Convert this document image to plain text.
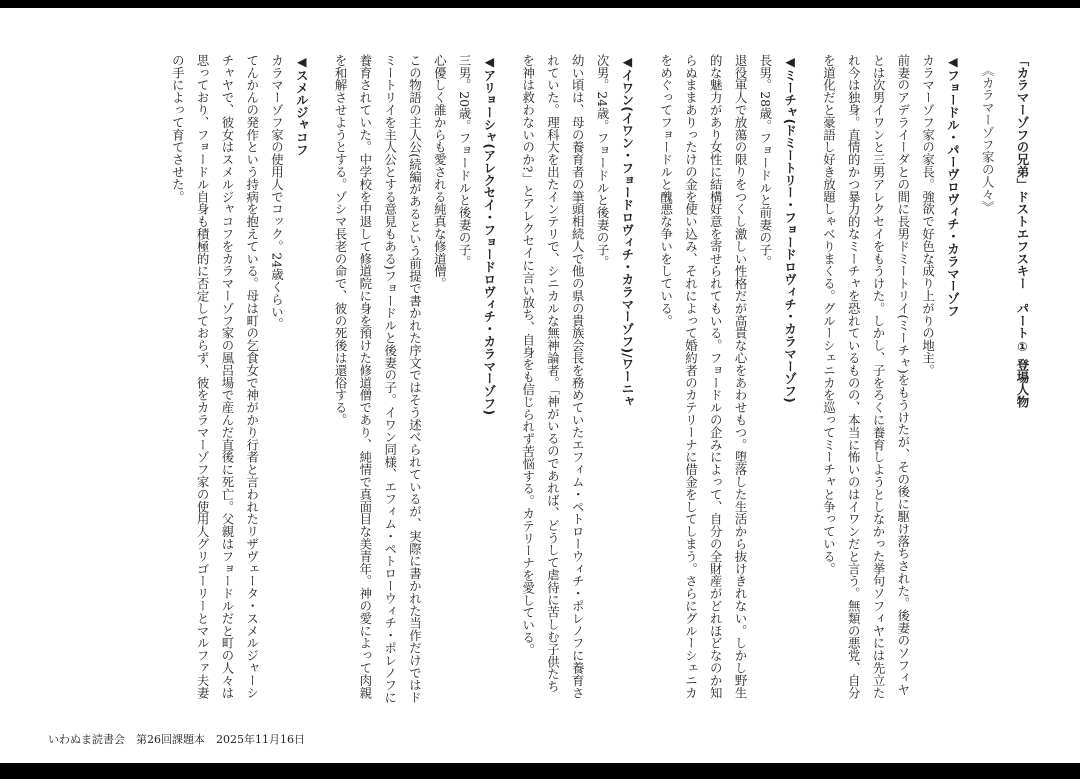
「カラマーゾフの兄弟」ドストエフスキー　パート① 登場人物

《カラマーゾフ家の人々》

◀フョードル・パーヴロヴィチ・カラマーゾフ

カラマーゾフ家の家長。強欲で好色な成り上がりの地主。

前妻のアデライーダとの間に長男ドミートリイ(ミーチャ)をもうけたが、その後に駆け落ちされた。後妻のソフィヤとは次男イワンと三男アレクセイをもうけた。しかし、子をろくに養育しようとしなかった挙句ソフィヤには先立たれ今は独身。直情的かつ暴力的なミーチャを恐れているものの、本当に怖いのはイワンだと言う。無類の悪党、自分を道化だと豪語し好き放題しゃべりまくる。グルーシェニカを巡ってミーチャと争っている。

◀ミーチャ(ドミートリー・フョードロヴィチ・カラマーゾフ)

長男。28歳。フョードルと前妻の子。

退役軍人で放蕩の限りをつくし激しい性格だが高貴な心をあわせもつ。堕落した生活から抜けきれない。しかし野生的な魅力があり女性に結構好意を寄せられてもいる。フョードルの企みによって、自分の全財産がどれほどなのか知らぬままありったけの金を使い込み、それによって婚約者のカテリーナに借金をしてしまう。さらにグルーシェニカをめぐってフョードルと醜悪な争いをしている。

◀イワン(イワン・フョードロヴィチ・カラマーゾフ)/ワーニャ

次男。24歳。フョードルと後妻の子。

幼い頃は、母の養育者の筆頭相続人で他の県の貴族会長を務めていたエフィム・ペトローウィチ・ポレノフに養育されていた。理科大を出たインテリで、シニカルな無神論者。「神がいるのであれば、どうして虐待に苦しむ子供たちを神は救わないのか?」とアレクセイに言い放ち、自身をも信じられず苦悩する。カテリーナを愛している。

◀アリョーシャ(アレクセイ・フョードロヴィチ・カラマーゾフ)

三男。20歳。フョードルと後妻の子。

心優しく誰からも愛される純真な修道僧。

この物語の主人公(続編があるという前提で書かれた序文ではそう述べられているが、実際に書かれた当作だけではドミートリイを主人公とする意見もある)フョードルと後妻の子。イワン同様、エフィム・ペトローウィチ・ポレノフに養育されていた。中学校を中退して修道院に身を預けた修道僧であり、純情で真面目な美青年。神の愛によって肉親を和解させようとする。ゾシマ長老の命で、彼の死後は還俗する。

◀スメルジャコフ

カラマーゾフ家の使用人でコック。24歳くらい。

てんかんの発作という持病を抱えている。母は町の乞食女で神がかり行者と言われたリザヴェータ・スメルジャーシチャヤで、彼女はスメルジャコフをカラマーゾフ家の風呂場で産んだ直後に死亡。父親はフョードルだと町の人々は思っており、フョードル自身も積極的に否定しておらず、彼をカラマーゾフ家の使用人グリゴーリーとマルファ夫妻の手によって育てさせた。

いわぬま読書会　第26回課題本　2025年11月16日
